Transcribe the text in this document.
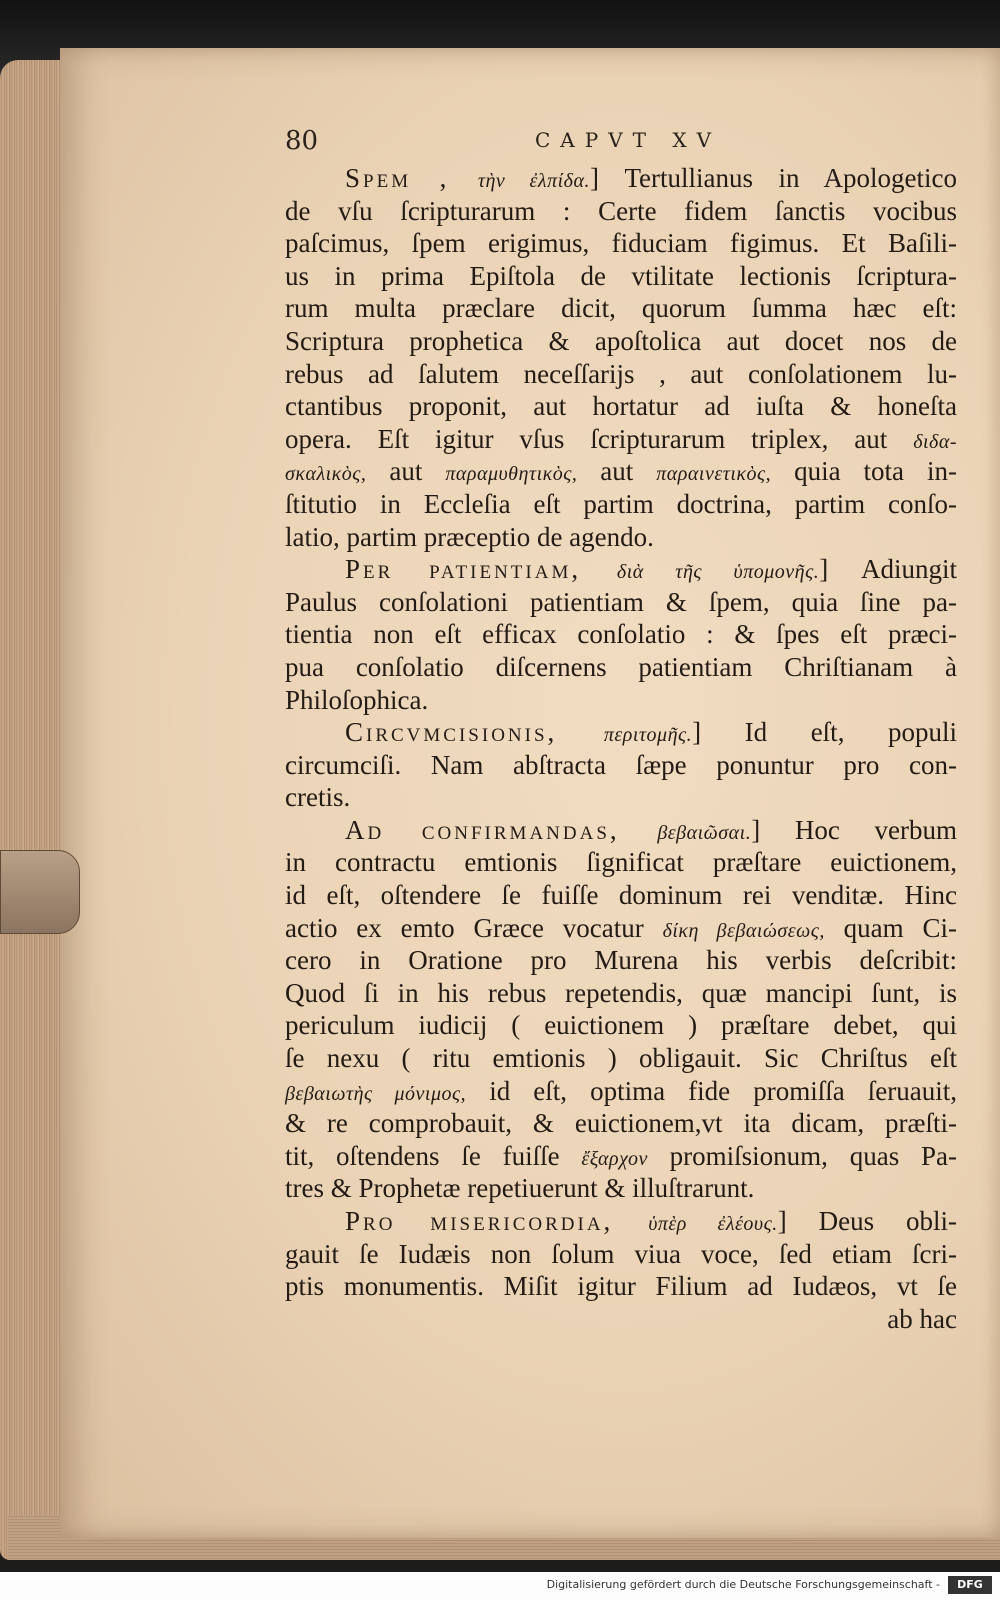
80	CAPVT XV
Spem , τὴν ἐλπίδα.] Tertullianus in Apologetico
de vſu ſcripturarum : Certe fidem ſanctis vocibus
paſcimus, ſpem erigimus, fiduciam figimus. Et Baſili-
us in prima Epiſtola de vtilitate lectionis ſcriptura-
rum multa præclare dicit, quorum ſumma hæc eſt:
Scriptura prophetica & apoſtolica aut docet nos de
rebus ad ſalutem neceſſarijs , aut conſolationem lu-
ctantibus proponit, aut hortatur ad iuſta & honeſta
opera. Eſt igitur vſus ſcripturarum triplex, aut διδα-
σκαλικὸς, aut παραμυθητικὸς, aut παραινετικὸς, quia tota in-
ſtitutio in Eccleſia eſt partim doctrina, partim conſo-
latio, partim præceptio de agendo.
Per patientiam, διὰ τῆς ὑπομονῆς.] Adiungit
Paulus conſolationi patientiam & ſpem, quia ſine pa-
tientia non eſt efficax conſolatio : & ſpes eſt præci-
pua conſolatio diſcernens patientiam Chriſtianam à
Philoſophica.
Circvmcisionis, περιτομῆς.] Id eſt, populi
circumciſi. Nam abſtracta ſæpe ponuntur pro con-
cretis.
Ad confirmandas, βεβαιῶσαι.] Hoc verbum
in contractu emtionis ſignificat præſtare euictionem,
id eſt, oſtendere ſe fuiſſe dominum rei venditæ. Hinc
actio ex emto Græce vocatur δίκη βεβαιώσεως, quam Ci-
cero in Oratione pro Murena his verbis deſcribit:
Quod ſi in his rebus repetendis, quæ mancipi ſunt, is
periculum iudicij ( euictionem ) præſtare debet, qui
ſe nexu ( ritu emtionis ) obligauit. Sic Chriſtus eſt
βεβαιωτὴς μόνιμος, id eſt, optima fide promiſſa ſeruauit,
& re comprobauit, & euictionem,vt ita dicam, præſti-
tit, oſtendens ſe fuiſſe ἔξαρχον promiſsionum, quas Pa-
tres & Prophetæ repetiuerunt & illuſtrarunt.
Pro misericordia, ὑπὲρ ἐλέους.] Deus obli-
gauit ſe Iudæis non ſolum viua voce, ſed etiam ſcri-
ptis monumentis. Miſit igitur Filium ad Iudæos, vt ſe
ab hac
Digitalisierung gefördert durch die Deutsche Forschungsgemeinschaft -	DFG
